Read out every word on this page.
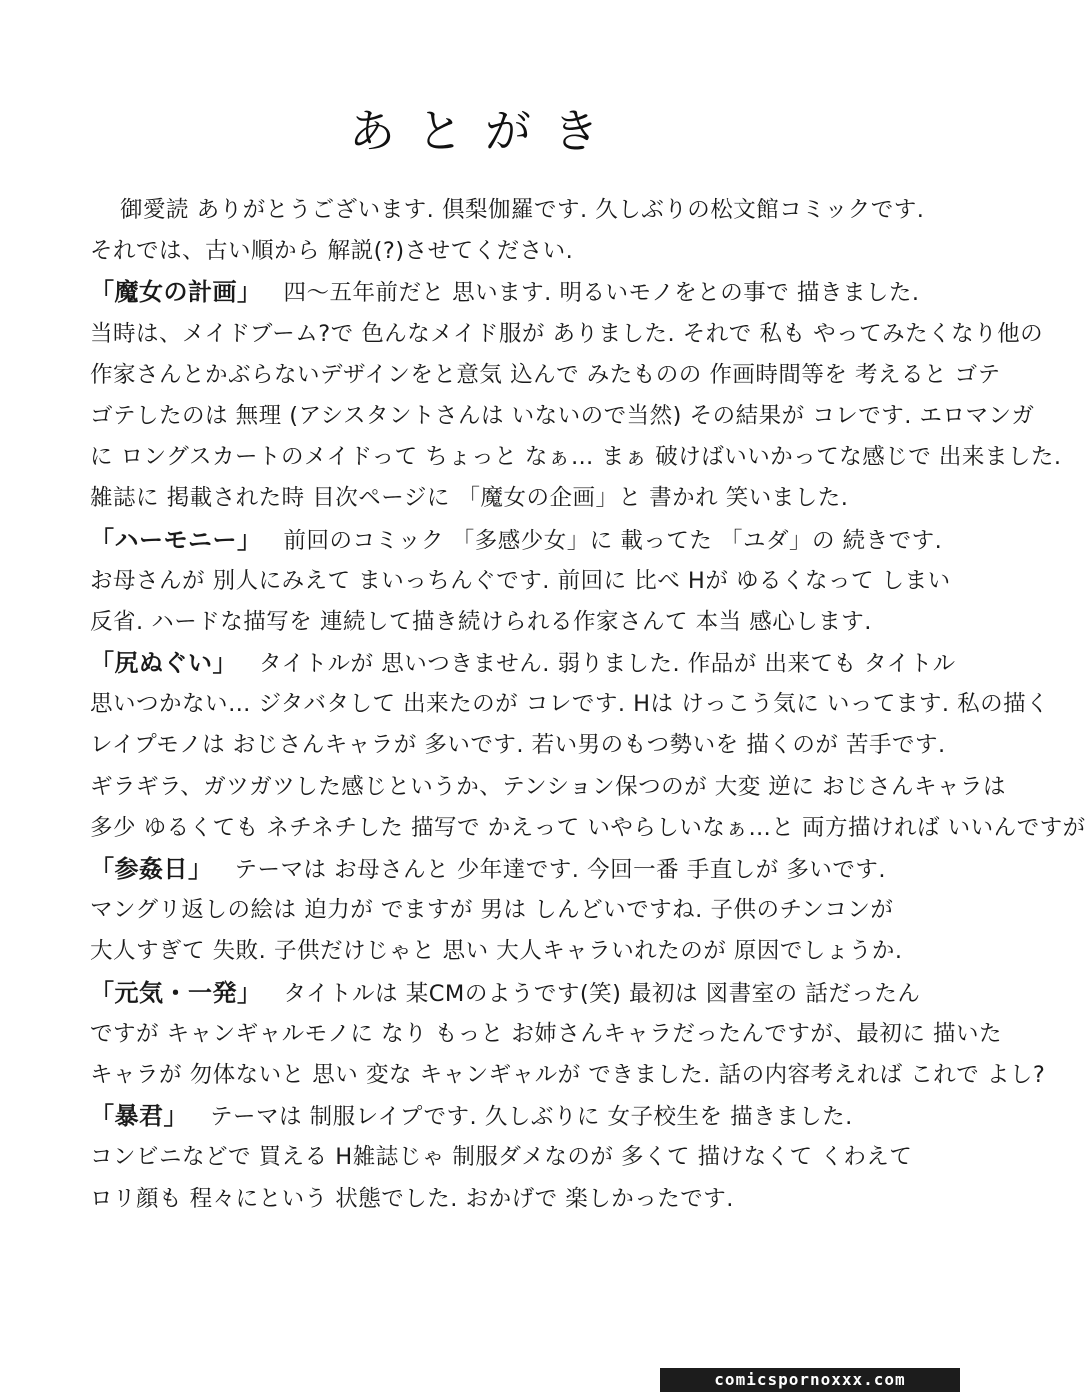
あとがき
御愛読 ありがとうございます. 倶梨伽羅です. 久しぶりの松文館コミックです.
それでは、古い順から 解説(?)させてください.
「魔女の計画」 四～五年前だと 思います. 明るいモノをとの事で 描きました.
当時は、メイドブーム?で 色んなメイド服が ありました. それで 私も やってみたくなり他の
作家さんとかぶらないデザインをと意気 込んで みたものの 作画時間等を 考えると ゴテ
ゴテしたのは 無理 (アシスタントさんは いないので当然) その結果が コレです. エロマンガ
に ロングスカートのメイドって ちょっと なぁ… まぁ 破けばいいかってな感じで 出来ました.
雑誌に 掲載された時 目次ページに 「魔女の企画」と 書かれ 笑いました.
「ハーモニー」 前回のコミック 「多感少女」に 載ってた 「ユダ」の 続きです.
お母さんが 別人にみえて まいっちんぐです. 前回に 比べ Hが ゆるくなって しまい
反省. ハードな描写を 連続して描き続けられる作家さんて 本当 感心します.
「尻ぬぐい」 タイトルが 思いつきません. 弱りました. 作品が 出来ても タイトル
思いつかない… ジタバタして 出来たのが コレです. Hは けっこう気に いってます. 私の描く
レイプモノは おじさんキャラが 多いです. 若い男のもつ勢いを 描くのが 苦手です.
ギラギラ、ガツガツした感じというか、テンション保つのが 大変 逆に おじさんキャラは
多少 ゆるくても ネチネチした 描写で かえって いやらしいなぁ…と 両方描ければ いいんですが
「参姦日」 テーマは お母さんと 少年達です. 今回一番 手直しが 多いです.
マングリ返しの絵は 迫力が でますが 男は しんどいですね. 子供のチンコンが
大人すぎて 失敗. 子供だけじゃと 思い 大人キャラいれたのが 原因でしょうか.
「元気・一発」 タイトルは 某CMのようです(笑) 最初は 図書室の 話だったん
ですが キャンギャルモノに なり もっと お姉さんキャラだったんですが、最初に 描いた
キャラが 勿体ないと 思い 変な キャンギャルが できました. 話の内容考えれば これで よし?
「暴君」 テーマは 制服レイプです. 久しぶりに 女子校生を 描きました.
コンビニなどで 買える H雑誌じゃ 制服ダメなのが 多くて 描けなくて くわえて
ロリ顔も 程々にという 状態でした. おかげで 楽しかったです.
comicspornoxxx.com
